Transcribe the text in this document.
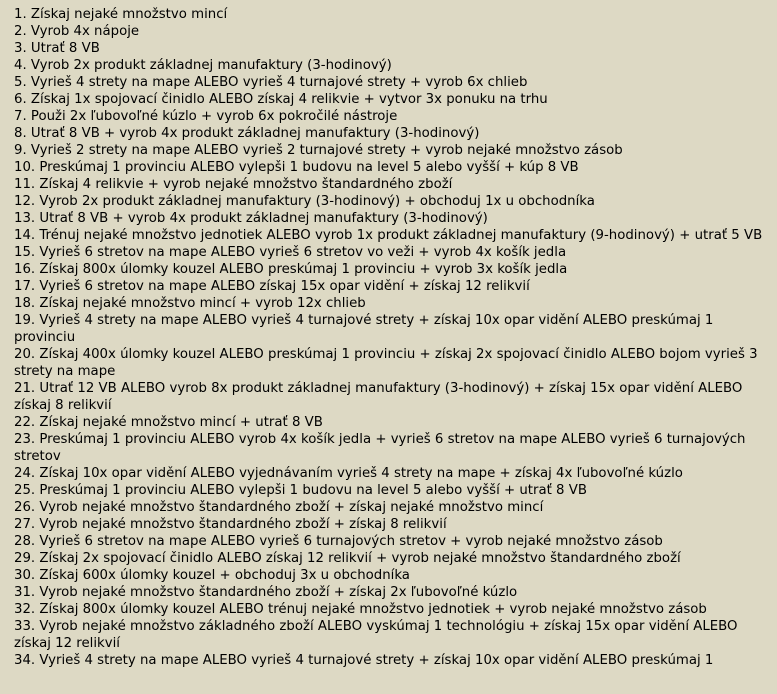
1. Získaj nejaké množstvo mincí
2. Vyrob 4x nápoje
3. Utrať 8 VB
4. Vyrob 2x produkt základnej manufaktury (3-hodinový)
5. Vyrieš 4 strety na mape ALEBO vyrieš 4 turnajové strety + vyrob 6x chlieb
6. Získaj 1x spojovací činidlo ALEBO získaj 4 relikvie + vytvor 3x ponuku na trhu
7. Použi 2x ľubovoľné kúzlo + vyrob 6x pokročilé nástroje
8. Utrať 8 VB + vyrob 4x produkt základnej manufaktury (3-hodinový)
9. Vyrieš 2 strety na mape ALEBO vyrieš 2 turnajové strety + vyrob nejaké množstvo zásob
10. Preskúmaj 1 provinciu ALEBO vylepši 1 budovu na level 5 alebo vyšší + kúp 8 VB
11. Získaj 4 relikvie + vyrob nejaké množstvo štandardného zboží
12. Vyrob 2x produkt základnej manufaktury (3-hodinový) + obchoduj 1x u obchodníka
13. Utrať 8 VB + vyrob 4x produkt základnej manufaktury (3-hodinový)
14. Trénuj nejaké množstvo jednotiek ALEBO vyrob 1x produkt základnej manufaktury (9-hodinový) + utrať 5 VB
15. Vyrieš 6 stretov na mape ALEBO vyrieš 6 stretov vo veži + vyrob 4x košík jedla
16. Získaj 800x úlomky kouzel ALEBO preskúmaj 1 provinciu + vyrob 3x košík jedla
17. Vyrieš 6 stretov na mape ALEBO získaj 15x opar vidění + získaj 12 relikvií
18. Získaj nejaké množstvo mincí + vyrob 12x chlieb
19. Vyrieš 4 strety na mape ALEBO vyrieš 4 turnajové strety + získaj 10x opar vidění ALEBO preskúmaj 1 provinciu
20. Získaj 400x úlomky kouzel ALEBO preskúmaj 1 provinciu + získaj 2x spojovací činidlo ALEBO bojom vyrieš 3 strety na mape
21. Utrať 12 VB ALEBO vyrob 8x produkt základnej manufaktury (3-hodinový) + získaj 15x opar vidění ALEBO získaj 8 relikvií
22. Získaj nejaké množstvo mincí + utrať 8 VB
23. Preskúmaj 1 provinciu ALEBO vyrob 4x košík jedla + vyrieš 6 stretov na mape ALEBO vyrieš 6 turnajových stretov
24. Získaj 10x opar vidění ALEBO vyjednávaním vyrieš 4 strety na mape + získaj 4x ľubovoľné kúzlo
25. Preskúmaj 1 provinciu ALEBO vylepši 1 budovu na level 5 alebo vyšší + utrať 8 VB
26. Vyrob nejaké množstvo štandardného zboží + získaj nejaké množstvo mincí
27. Vyrob nejaké množstvo štandardného zboží + získaj 8 relikvií
28. Vyrieš 6 stretov na mape ALEBO vyrieš 6 turnajových stretov + vyrob nejaké množstvo zásob
29. Získaj 2x spojovací činidlo ALEBO získaj 12 relikvií + vyrob nejaké množstvo štandardného zboží
30. Získaj 600x úlomky kouzel + obchoduj 3x u obchodníka
31. Vyrob nejaké množstvo štandardného zboží + získaj 2x ľubovoľné kúzlo
32. Získaj 800x úlomky kouzel ALEBO trénuj nejaké množstvo jednotiek + vyrob nejaké množstvo zásob
33. Vyrob nejaké množstvo základného zboží ALEBO vyskúmaj 1 technológiu + získaj 15x opar vidění ALEBO získaj 12 relikvií
34. Vyrieš 4 strety na mape ALEBO vyrieš 4 turnajové strety + získaj 10x opar vidění ALEBO preskúmaj 1
